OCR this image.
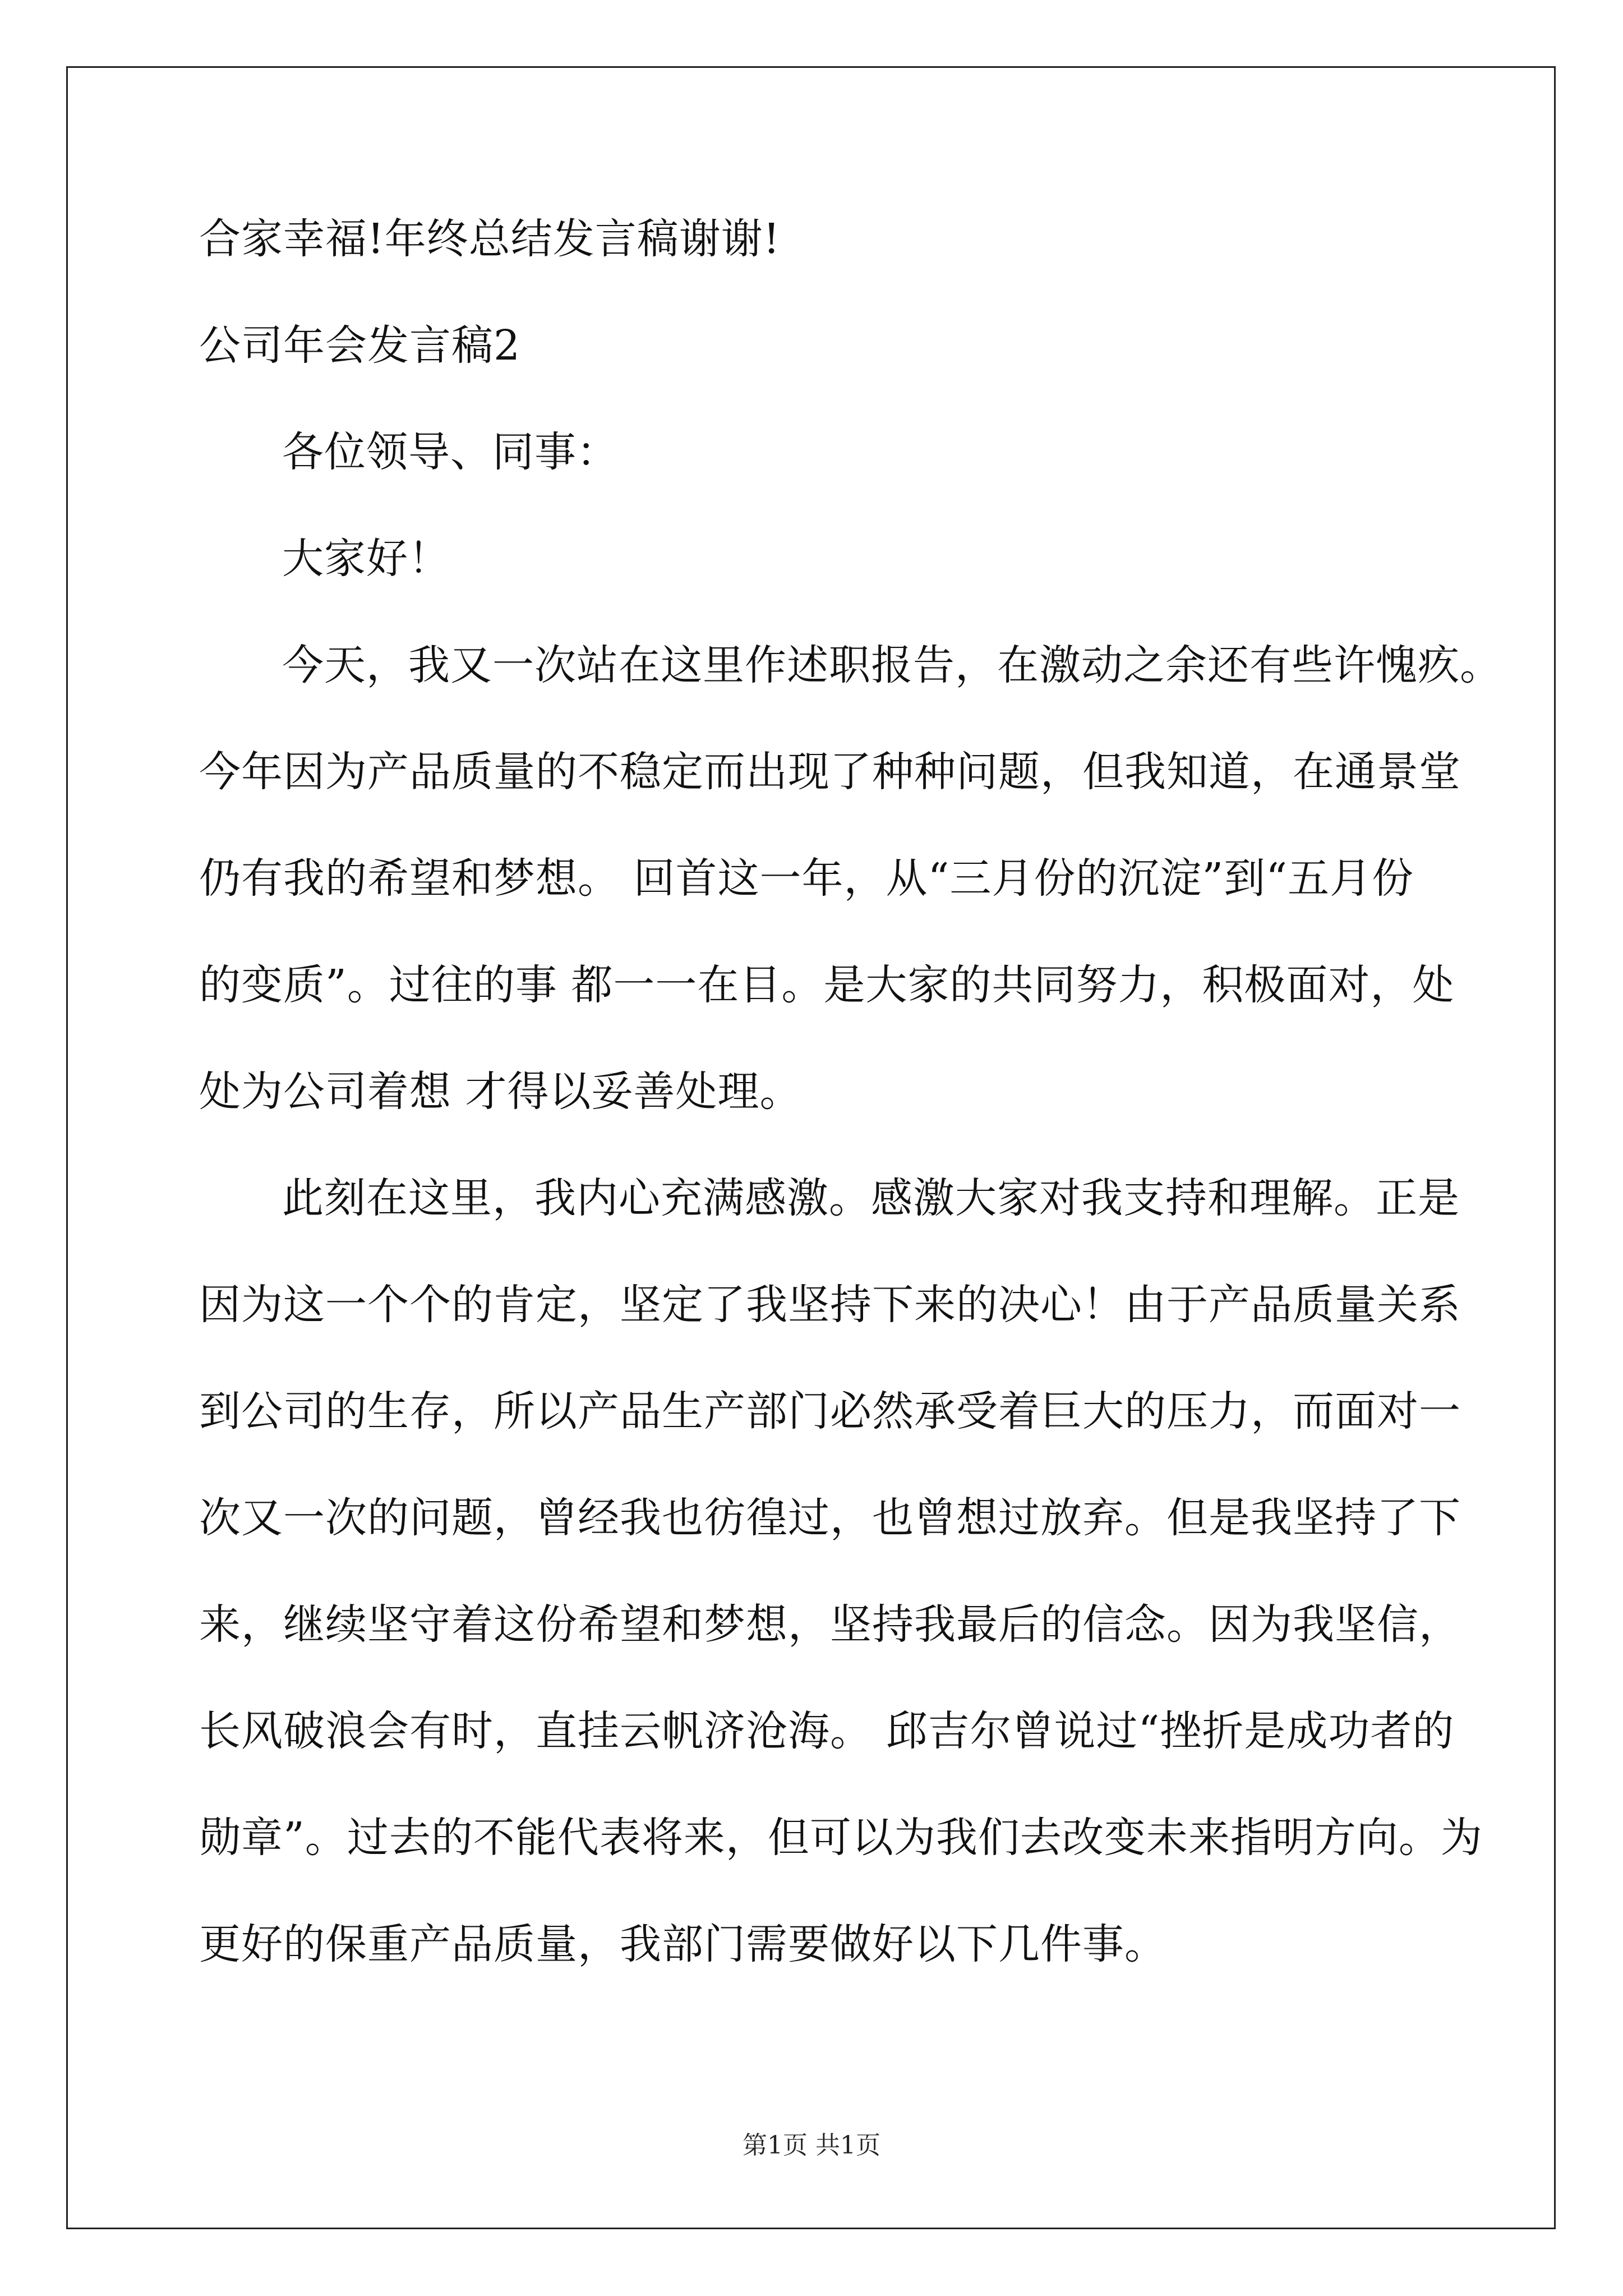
合家幸福!年终总结发言稿谢谢!
公司年会发言稿2
各位领导、同事：
大家好！
今天，我又一次站在这里作述职报告，在激动之余还有些许愧疚。
今年因为产品质量的不稳定而出现了种种问题，但我知道，在通景堂
仍有我的希望和梦想。 回首这一年，从“三月份的沉淀”到“五月份
的变质”。过往的事 都一一在目。是大家的共同努力，积极面对，处
处为公司着想 才得以妥善处理。
此刻在这里，我内心充满感激。感激大家对我支持和理解。正是
因为这一个个的肯定，坚定了我坚持下来的决心！由于产品质量关系
到公司的生存，所以产品生产部门必然承受着巨大的压力，而面对一
次又一次的问题，曾经我也彷徨过，也曾想过放弃。但是我坚持了下
来，继续坚守着这份希望和梦想，坚持我最后的信念。因为我坚信，
长风破浪会有时，直挂云帆济沧海。 邱吉尔曾说过“挫折是成功者的
勋章”。过去的不能代表将来，但可以为我们去改变未来指明方向。为
更好的保重产品质量，我部门需要做好以下几件事。
第1页 共1页
